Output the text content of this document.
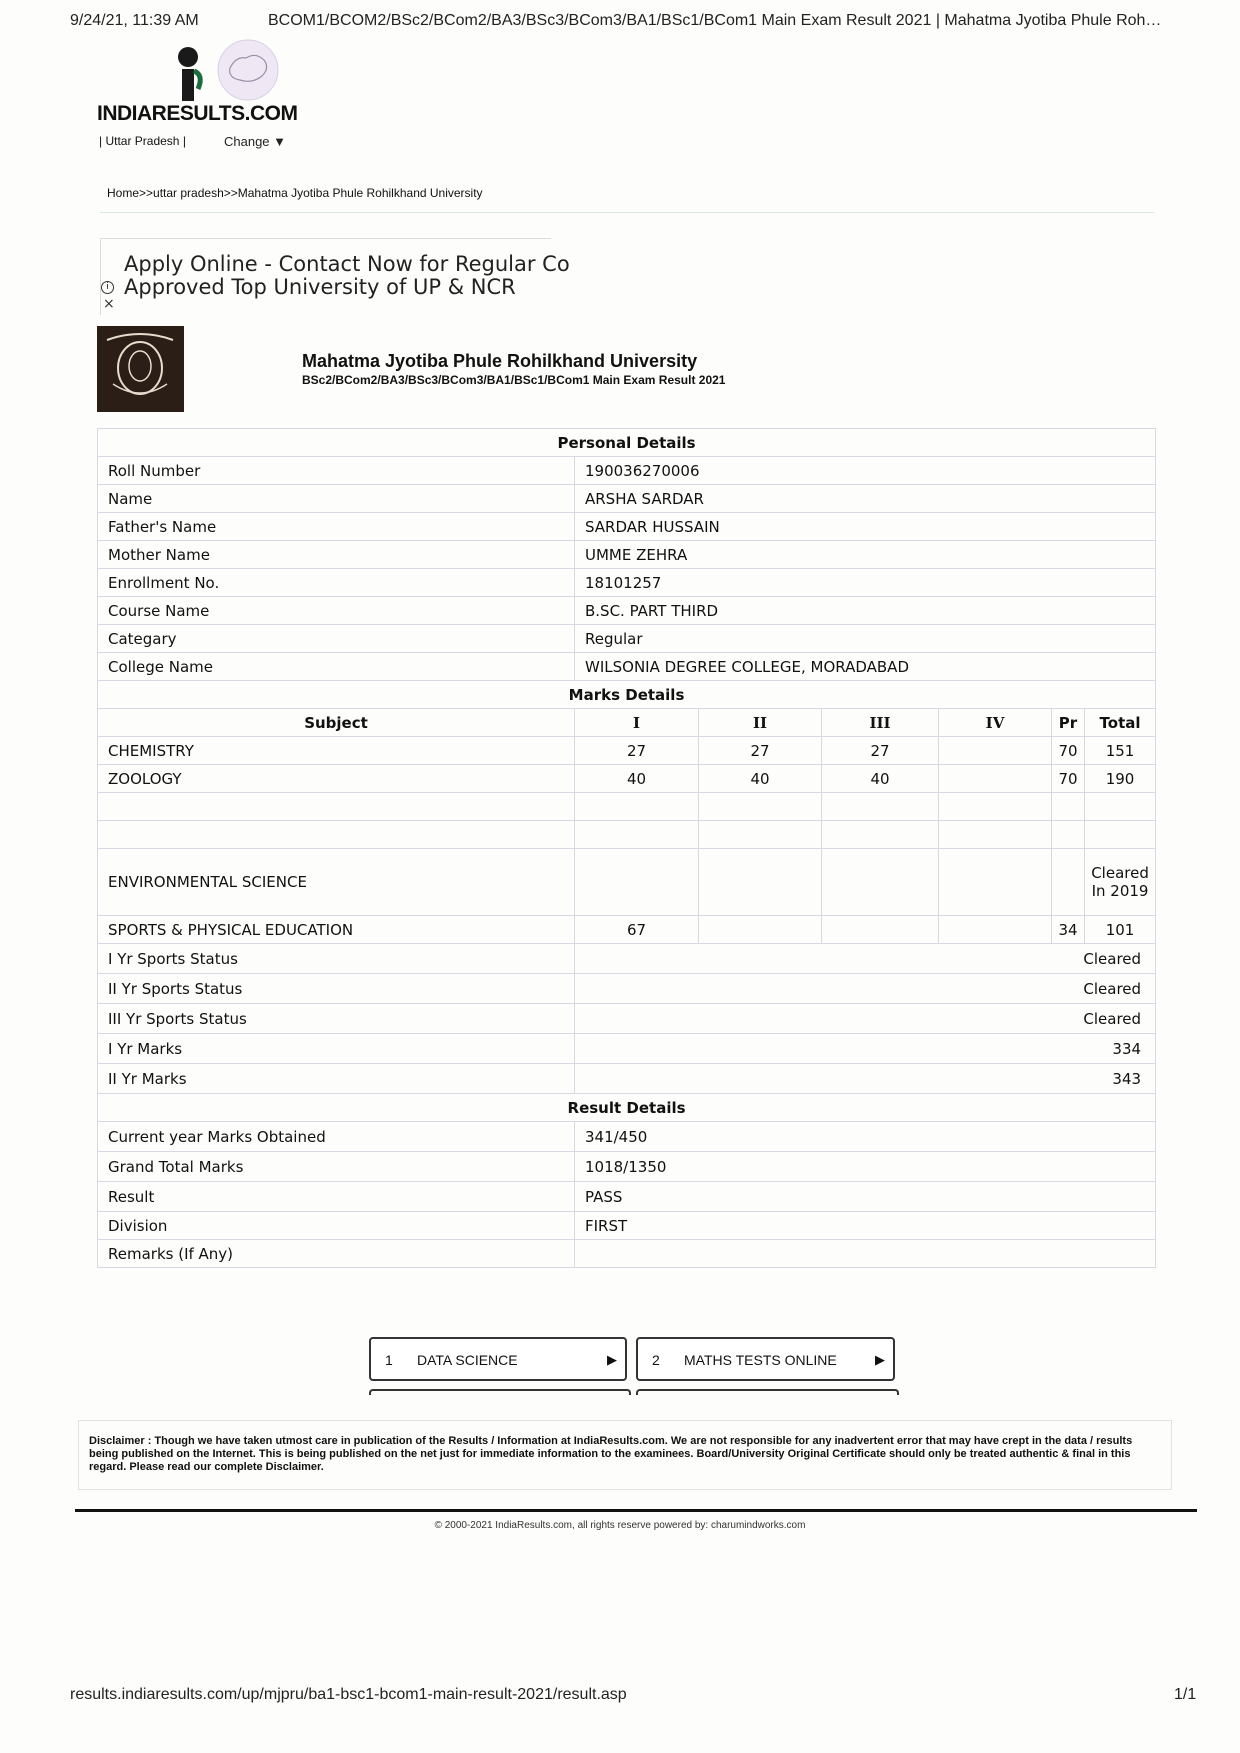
9/24/21, 11:39 AM	BCOM1/BCOM2/BSc2/BCom2/BA3/BSc3/BCom3/BA1/BSc1/BCom1 Main Exam Result 2021 | Mahatma Jyotiba Phule Roh…
INDIARESULTS.COM
| Uttar Pradesh |	Change ▼
Home>>uttar pradesh>>Mahatma Jyotiba Phule Rohilkhand University
Apply Online - Contact Now for Regular Co
Approved Top University of UP & NCR
i
×
Mahatma Jyotiba Phule Rohilkhand University
BSc2/BCom2/BA3/BSc3/BCom3/BA1/BSc1/BCom1 Main Exam Result 2021
Personal Details						
Roll Number	190036270006					
Name	ARSHA SARDAR					
Father's Name	SARDAR HUSSAIN					
Mother Name	UMME ZEHRA					
Enrollment No.	18101257					
Course Name	B.SC. PART THIRD					
Categary	Regular					
College Name	WILSONIA DEGREE COLLEGE, MORADABAD					
Marks Details						
Subject	I	II	III	IV	Pr	Total
CHEMISTRY	27	27	27		70	151
ZOOLOGY	40	40	40		70	190

ENVIRONMENTAL SCIENCE						Cleared In 2019
SPORTS & PHYSICAL EDUCATION	67				34	101
I Yr Sports Status	Cleared					
II Yr Sports Status	Cleared					
III Yr Sports Status	Cleared					
I Yr Marks	334					
II Yr Marks	343					
Result Details						
Current year Marks Obtained	341/450					
Grand Total Marks	1018/1350					
Result	PASS					
Division	FIRST					
Remarks (If Any)						
1 DATA SCIENCE	▶	2 MATHS TESTS ONLINE	▶
Disclaimer : Though we have taken utmost care in publication of the Results / Information at IndiaResults.com. We are not responsible for any inadvertent error that may have crept in the data / results being published on the Internet. This is being published on the net just for immediate information to the examinees. Board/University Original Certificate should only be treated authentic & final in this regard. Please read our complete Disclaimer.
© 2000-2021 IndiaResults.com, all rights reserve powered by: charumindworks.com
results.indiaresults.com/up/mjpru/ba1-bsc1-bcom1-main-result-2021/result.asp	1/1
